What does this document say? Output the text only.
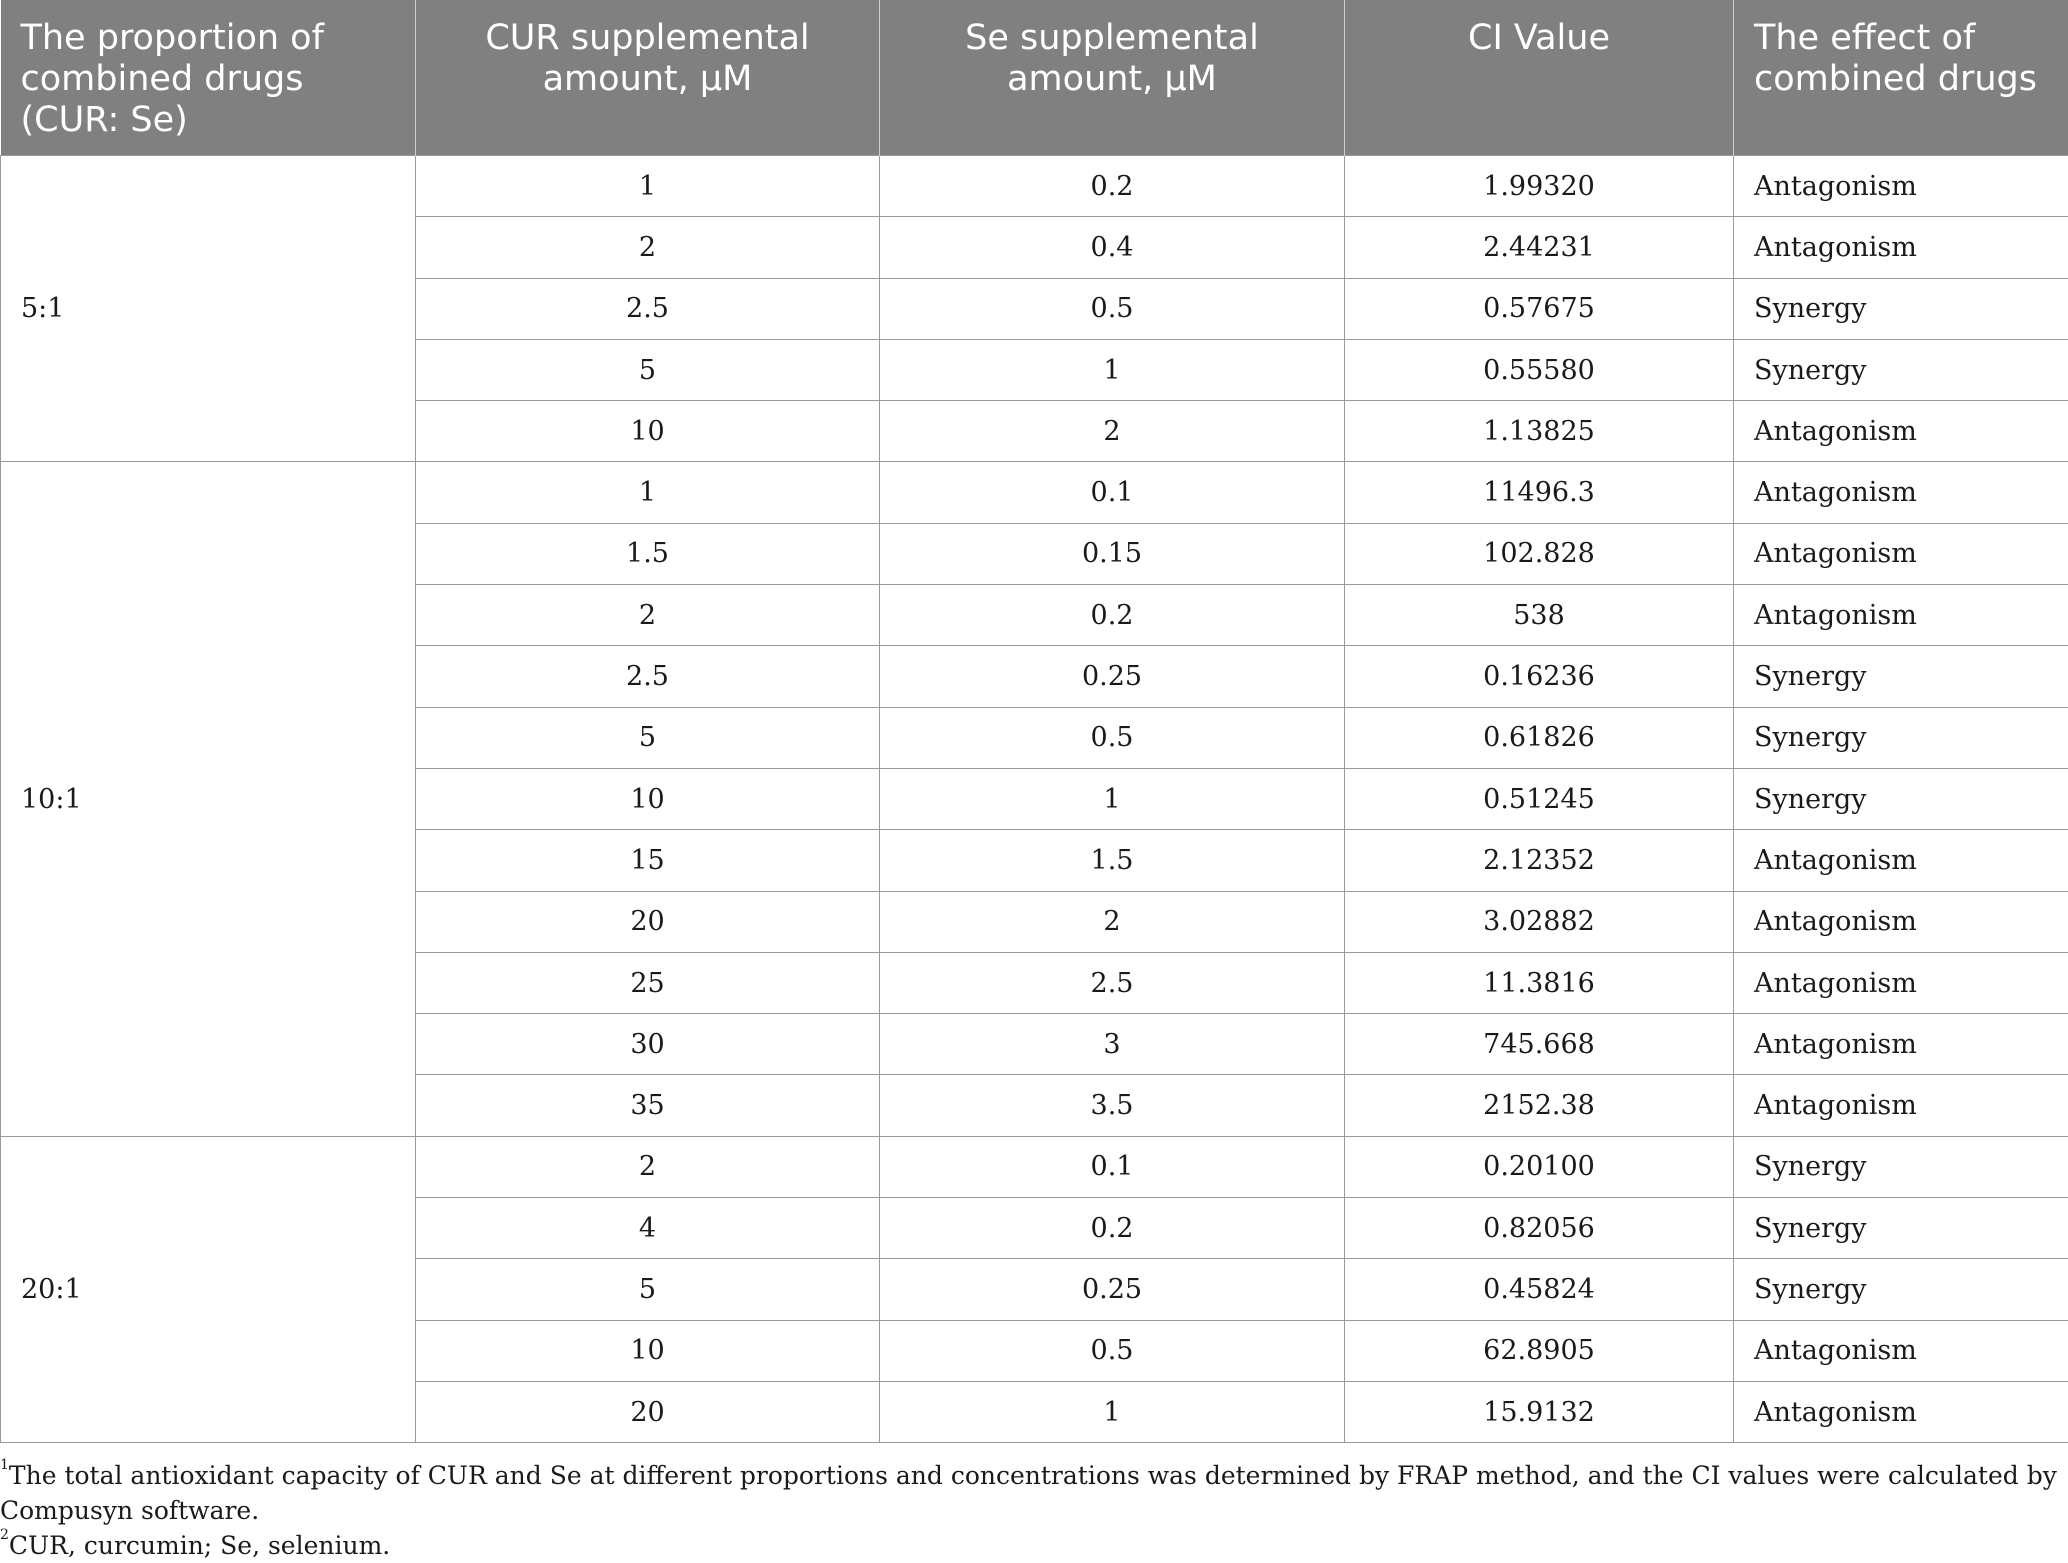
The proportion of combined drugs (CUR: Se)	CUR supplemental amount, μM	Se supplemental amount, μM	CI Value	The effect of combined drugs
5:1	1	0.2	1.99320	Antagonism
	2	0.4	2.44231	Antagonism
	2.5	0.5	0.57675	Synergy
	5	1	0.55580	Synergy
	10	2	1.13825	Antagonism
10:1	1	0.1	11496.3	Antagonism
	1.5	0.15	102.828	Antagonism
	2	0.2	538	Antagonism
	2.5	0.25	0.16236	Synergy
	5	0.5	0.61826	Synergy
	10	1	0.51245	Synergy
	15	1.5	2.12352	Antagonism
	20	2	3.02882	Antagonism
	25	2.5	11.3816	Antagonism
	30	3	745.668	Antagonism
	35	3.5	2152.38	Antagonism
20:1	2	0.1	0.20100	Synergy
	4	0.2	0.82056	Synergy
	5	0.25	0.45824	Synergy
	10	0.5	62.8905	Antagonism
	20	1	15.9132	Antagonism

$^1$The total antioxidant capacity of CUR and Se at different proportions and concentrations was determined by FRAP method, and the CI values were calculated by Compusyn software.

$^2$CUR, curcumin; Se, selenium.
